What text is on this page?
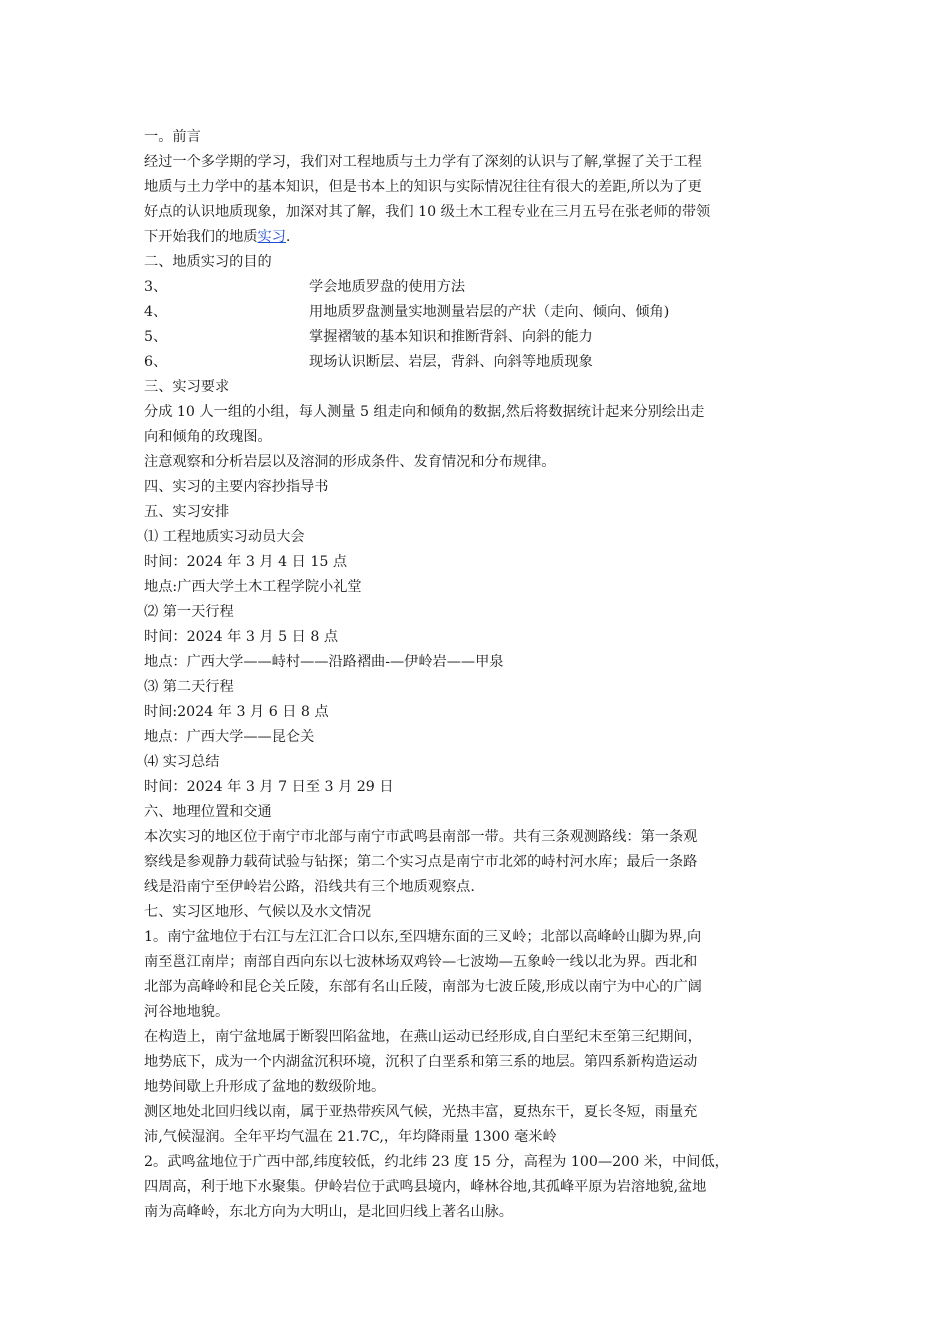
一。前言
经过一个多学期的学习，我们对工程地质与土力学有了深刻的认识与了解,掌握了关于工程
地质与土力学中的基本知识，但是书本上的知识与实际情况往往有很大的差距,所以为了更
好点的认识地质现象，加深对其了解，我们 10 级土木工程专业在三月五号在张老师的带领
下开始我们的地质实习.
二、地质实习的目的
3、	学会地质罗盘的使用方法
4、	用地质罗盘测量实地测量岩层的产状（走向、倾向、倾角)
5、	掌握褶皱的基本知识和推断背斜、向斜的能力
6、	现场认识断层、岩层，背斜、向斜等地质现象
三、实习要求
分成 10 人一组的小组，每人测量 5 组走向和倾角的数据,然后将数据统计起来分别绘出走
向和倾角的玫瑰图。
注意观察和分析岩层以及溶洞的形成条件、发育情况和分布规律。
四、实习的主要内容抄指导书
五、实习安排
⑴ 工程地质实习动员大会
时间：2024 年 3 月 4 日 15 点
地点:广西大学土木工程学院小礼堂
⑵ 第一天行程
时间：2024 年 3 月 5 日 8 点
地点：广西大学——峙村——沿路褶曲-—伊岭岩——甲泉
⑶ 第二天行程
时间:2024 年 3 月 6 日 8 点
地点：广西大学——昆仑关
⑷ 实习总结
时间：2024 年 3 月 7 日至 3 月 29 日
六、地理位置和交通
本次实习的地区位于南宁市北部与南宁市武鸣县南部一带。共有三条观测路线：第一条观
察线是参观静力载荷试验与钻探；第二个实习点是南宁市北郊的峙村河水库；最后一条路
线是沿南宁至伊岭岩公路，沿线共有三个地质观察点.
七、实习区地形、气候以及水文情况
1。南宁盆地位于右江与左江汇合口以东,至四塘东面的三叉岭；北部以高峰岭山脚为界,向
南至邕江南岸；南部自西向东以七波林场双鸡铃—七波坳—五象岭一线以北为界。西北和
北部为高峰岭和昆仑关丘陵，东部有名山丘陵，南部为七波丘陵,形成以南宁为中心的广阔
河谷地地貌。
在构造上，南宁盆地属于断裂凹陷盆地，在燕山运动已经形成,自白垩纪末至第三纪期间，
地势底下，成为一个内湖盆沉积环境，沉积了白垩系和第三系的地层。第四系新构造运动
地势间歇上升形成了盆地的数级阶地。
测区地处北回归线以南，属于亚热带疾风气候，光热丰富，夏热东干，夏长冬短，雨量充
沛,气候湿润。全年平均气温在 21.7C,，年均降雨量 1300 毫米岭
2。武鸣盆地位于广西中部,纬度较低，约北纬 23 度 15 分，高程为 100—200 米，中间低，
四周高，利于地下水聚集。伊岭岩位于武鸣县境内，峰林谷地,其孤峰平原为岩溶地貌,盆地
南为高峰岭，东北方向为大明山，是北回归线上著名山脉。
